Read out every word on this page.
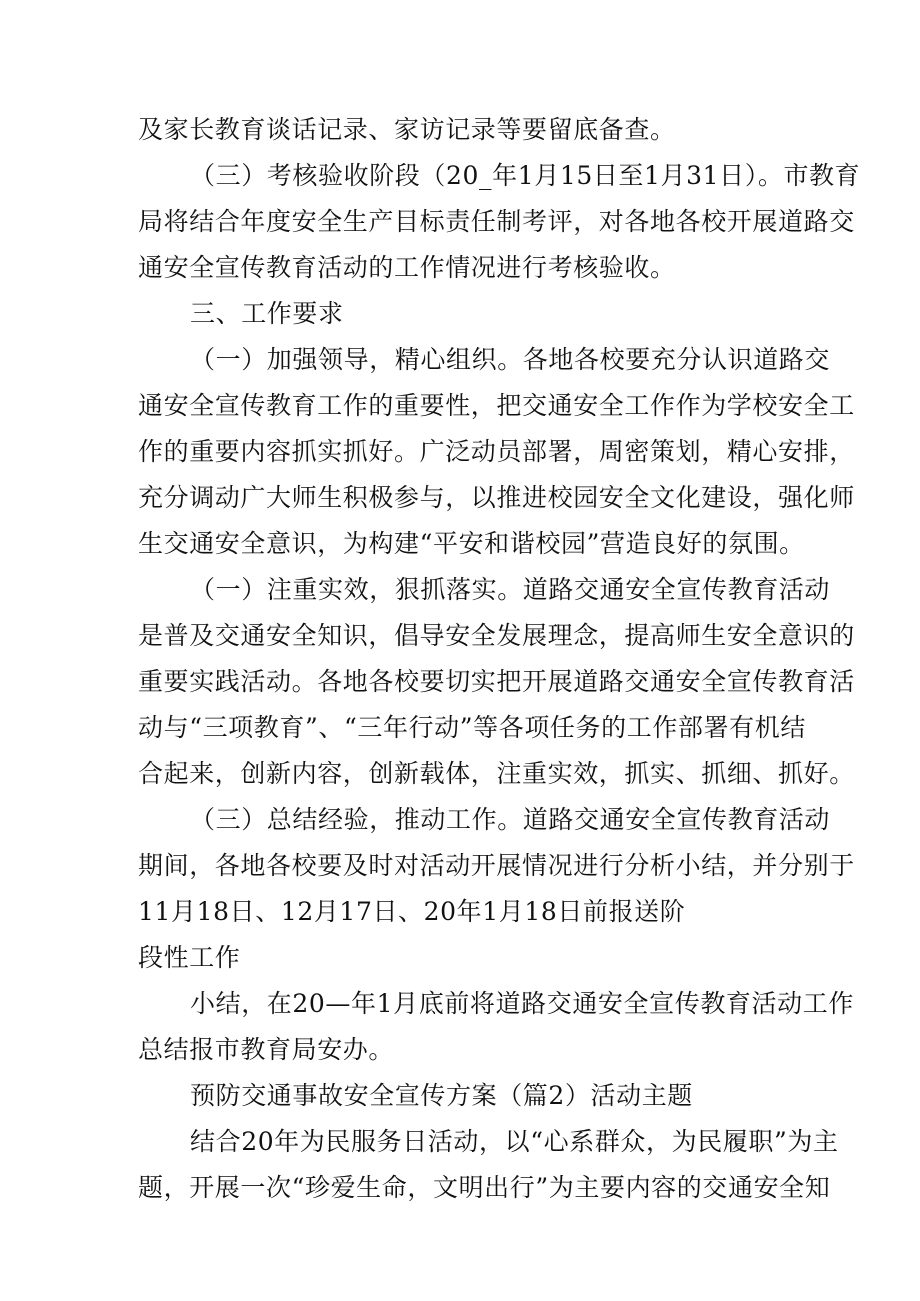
及家长教育谈话记录、家访记录等要留底备查。
（三）考核验收阶段（20_年1月15日至1月31日）。市教育
局将结合年度安全生产目标责任制考评，对各地各校开展道路交
通安全宣传教育活动的工作情况进行考核验收。
三、工作要求
（一）加强领导，精心组织。各地各校要充分认识道路交
通安全宣传教育工作的重要性，把交通安全工作作为学校安全工
作的重要内容抓实抓好。广泛动员部署，周密策划，精心安排，
充分调动广大师生积极参与，以推进校园安全文化建设，强化师
生交通安全意识，为构建“平安和谐校园”营造良好的氛围。
（一）注重实效，狠抓落实。道路交通安全宣传教育活动
是普及交通安全知识，倡导安全发展理念，提高师生安全意识的
重要实践活动。各地各校要切实把开展道路交通安全宣传教育活
动与“三项教育”、“三年行动”等各项任务的工作部署有机结
合起来，创新内容，创新载体，注重实效，抓实、抓细、抓好。
（三）总结经验，推动工作。道路交通安全宣传教育活动
期间，各地各校要及时对活动开展情况进行分析小结，并分别于
11月18日、12月17日、20年1月18日前报送阶
段性工作
小结，在20—年1月底前将道路交通安全宣传教育活动工作
总结报市教育局安办。
预防交通事故安全宣传方案（篇2）活动主题
结合20年为民服务日活动，以“心系群众，为民履职”为主
题，开展一次“珍爱生命，文明出行”为主要内容的交通安全知
